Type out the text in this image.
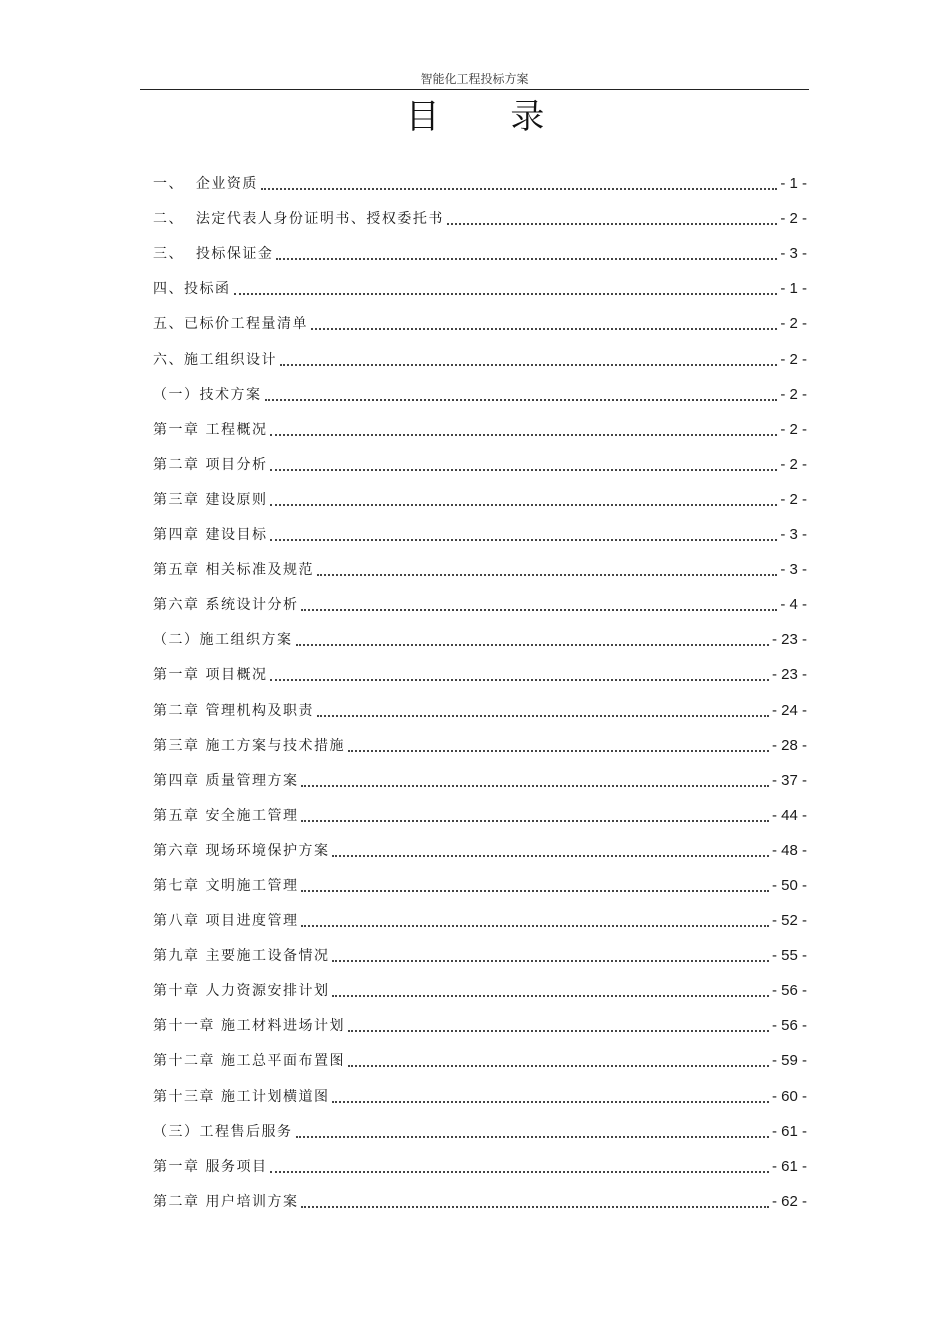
智能化工程投标方案
目 录
一、  企业资质	- 1 -
二、  法定代表人身份证明书、授权委托书	- 2 -
三、  投标保证金	- 3 -
四、投标函	- 1 -
五、已标价工程量清单	- 2 -
六、施工组织设计	- 2 -
（一）技术方案	- 2 -
第一章 工程概况	- 2 -
第二章 项目分析	- 2 -
第三章 建设原则	- 2 -
第四章 建设目标	- 3 -
第五章 相关标准及规范	- 3 -
第六章 系统设计分析	- 4 -
（二）施工组织方案	- 23 -
第一章 项目概况	- 23 -
第二章 管理机构及职责	- 24 -
第三章 施工方案与技术措施	- 28 -
第四章 质量管理方案	- 37 -
第五章 安全施工管理	- 44 -
第六章 现场环境保护方案	- 48 -
第七章 文明施工管理	- 50 -
第八章 项目进度管理	- 52 -
第九章 主要施工设备情况	- 55 -
第十章 人力资源安排计划	- 56 -
第十一章 施工材料进场计划	- 56 -
第十二章 施工总平面布置图	- 59 -
第十三章 施工计划横道图	- 60 -
（三）工程售后服务	- 61 -
第一章 服务项目	- 61 -
第二章 用户培训方案	- 62 -
